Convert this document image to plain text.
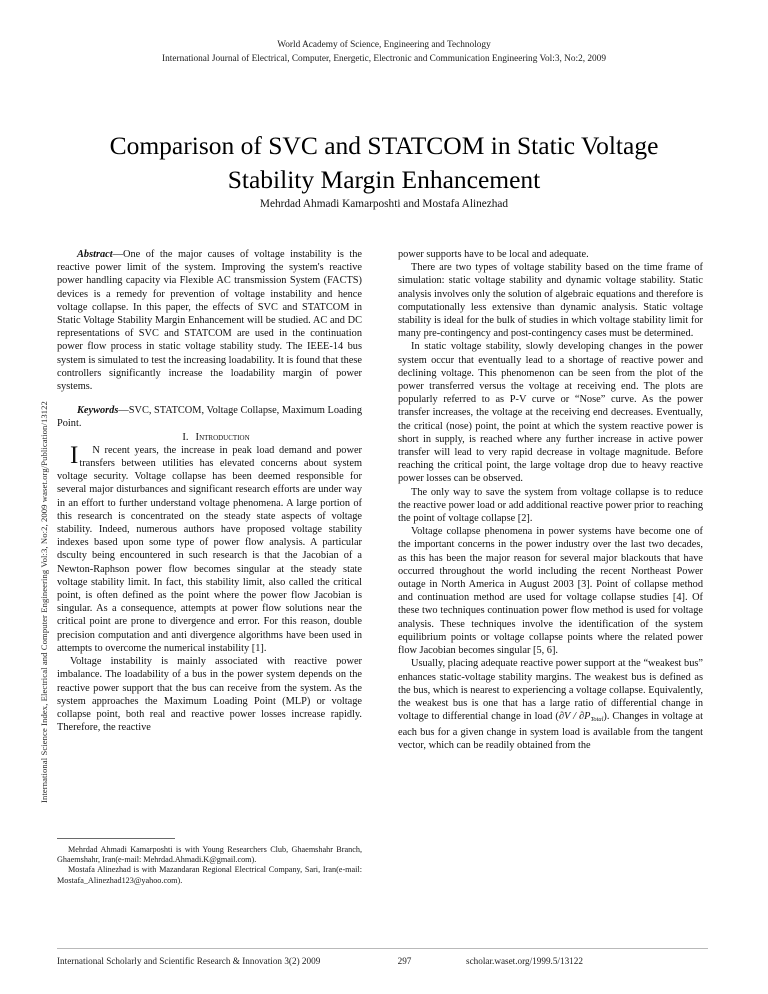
World Academy of Science, Engineering and Technology
International Journal of Electrical, Computer, Energetic, Electronic and Communication Engineering Vol:3, No:2, 2009
Comparison of SVC and STATCOM in Static Voltage Stability Margin Enhancement
Mehrdad Ahmadi Kamarposhti and Mostafa Alinezhad
International Science Index, Electrical and Computer Engineering Vol:3, No:2, 2009 waset.org/Publication/13122

Abstract—One of the major causes of voltage instability is the reactive power limit of the system. Improving the system's reactive power handling capacity via Flexible AC transmission System (FACTS) devices is a remedy for prevention of voltage instability and hence voltage collapse. In this paper, the effects of SVC and STATCOM in Static Voltage Stability Margin Enhancement will be studied. AC and DC representations of SVC and STATCOM are used in the continuation power flow process in static voltage stability study. The IEEE-14 bus system is simulated to test the increasing loadability. It is found that these controllers significantly increase the loadability margin of power systems.

Keywords—SVC, STATCOM, Voltage Collapse, Maximum Loading Point.

I. Introduction

I N recent years, the increase in peak load demand and power transfers between utilities has elevated concerns about system voltage security. Voltage collapse has been deemed responsible for several major disturbances and significant research efforts are under way in an effort to further understand voltage phenomena. A large portion of this research is concentrated on the steady state aspects of voltage stability. Indeed, numerous authors have proposed voltage stability indexes based upon some type of power flow analysis. A particular dsculty being encountered in such research is that the Jacobian of a Newton-Raphson power flow becomes singular at the steady state voltage stability limit. In fact, this stability limit, also called the critical point, is often defined as the point where the power flow Jacobian is singular. As a consequence, attempts at power flow solutions near the critical point are prone to divergence and error. For this reason, double precision computation and anti divergence algorithms have been used in attempts to overcome the numerical instability [1].

Voltage instability is mainly associated with reactive power imbalance. The loadability of a bus in the power system depends on the reactive power support that the bus can receive from the system. As the system approaches the Maximum Loading Point (MLP) or voltage collapse point, both real and reactive power losses increase rapidly. Therefore, the reactive

power supports have to be local and adequate.

There are two types of voltage stability based on the time frame of simulation: static voltage stability and dynamic voltage stability. Static analysis involves only the solution of algebraic equations and therefore is computationally less extensive than dynamic analysis. Static voltage stability is ideal for the bulk of studies in which voltage stability limit for many pre-contingency and post-contingency cases must be determined.

In static voltage stability, slowly developing changes in the power system occur that eventually lead to a shortage of reactive power and declining voltage. This phenomenon can be seen from the plot of the power transferred versus the voltage at receiving end. The plots are popularly referred to as P-V curve or “Nose” curve. As the power transfer increases, the voltage at the receiving end decreases. Eventually, the critical (nose) point, the point at which the system reactive power is short in supply, is reached where any further increase in active power transfer will lead to very rapid decrease in voltage magnitude. Before reaching the critical point, the large voltage drop due to heavy reactive power losses can be observed.

The only way to save the system from voltage collapse is to reduce the reactive power load or add additional reactive power prior to reaching the point of voltage collapse [2].

Voltage collapse phenomena in power systems have become one of the important concerns in the power industry over the last two decades, as this has been the major reason for several major blackouts that have occurred throughout the world including the recent Northeast Power outage in North America in August 2003 [3]. Point of collapse method and continuation method are used for voltage collapse studies [4]. Of these two techniques continuation power flow method is used for voltage analysis. These techniques involve the identification of the system equilibrium points or voltage collapse points where the related power flow Jacobian becomes singular [5, 6].

Usually, placing adequate reactive power support at the “weakest bus” enhances static-voltage stability margins. The weakest bus is defined as the bus, which is nearest to experiencing a voltage collapse. Equivalently, the weakest bus is one that has a large ratio of differential change in voltage to differential change in load $(\partial V / \partial P_{Total})$. Changes in voltage at each bus for a given change in system load is available from the tangent vector, which can be readily obtained from the

Mehrdad Ahmadi Kamarposhti is with Young Researchers Club, Ghaemshahr Branch, Ghaemshahr, Iran(e-mail: Mehrdad.Ahmadi.K@gmail.com).

Mostafa Alinezhad is with Mazandaran Regional Electrical Company, Sari, Iran(e-mail: Mostafa_Alinezhad123@yahoo.com).

International Scholarly and Scientific Research & Innovation 3(2) 2009	297	scholar.waset.org/1999.5/13122
